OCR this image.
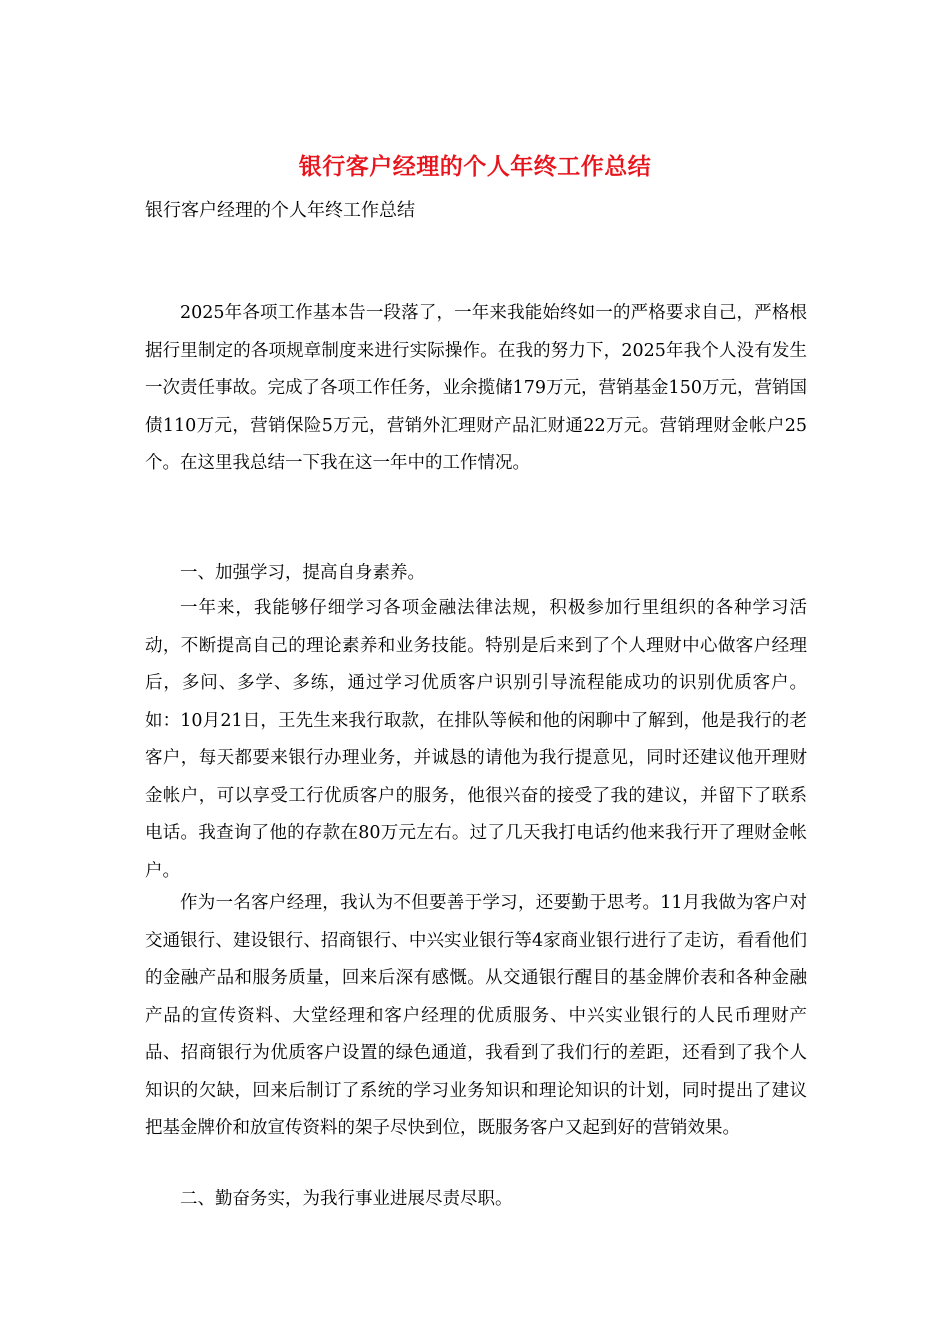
银行客户经理的个人年终工作总结
银行客户经理的个人年终工作总结

2025年各项工作基本告一段落了，一年来我能始终如一的严格要求自己，严格根据行里制定的各项规章制度来进行实际操作。在我的努力下，2025年我个人没有发生一次责任事故。完成了各项工作任务，业余揽储179万元，营销基金150万元，营销国债110万元，营销保险5万元，营销外汇理财产品汇财通22万元。营销理财金帐户25个。在这里我总结一下我在这一年中的工作情况。

一、加强学习，提高自身素养。

一年来，我能够仔细学习各项金融法律法规，积极参加行里组织的各种学习活动，不断提高自己的理论素养和业务技能。特别是后来到了个人理财中心做客户经理后，多问、多学、多练，通过学习优质客户识别引导流程能成功的识别优质客户。如：10月21日，王先生来我行取款，在排队等候和他的闲聊中了解到，他是我行的老客户，每天都要来银行办理业务，并诚恳的请他为我行提意见，同时还建议他开理财金帐户，可以享受工行优质客户的服务，他很兴奋的接受了我的建议，并留下了联系电话。我查询了他的存款在80万元左右。过了几天我打电话约他来我行开了理财金帐户。

作为一名客户经理，我认为不但要善于学习，还要勤于思考。11月我做为客户对交通银行、建设银行、招商银行、中兴实业银行等4家商业银行进行了走访，看看他们的金融产品和服务质量，回来后深有感慨。从交通银行醒目的基金牌价表和各种金融产品的宣传资料、大堂经理和客户经理的优质服务、中兴实业银行的人民币理财产品、招商银行为优质客户设置的绿色通道，我看到了我们行的差距，还看到了我个人知识的欠缺，回来后制订了系统的学习业务知识和理论知识的计划，同时提出了建议把基金牌价和放宣传资料的架子尽快到位，既服务客户又起到好的营销效果。

二、勤奋务实，为我行事业进展尽责尽职。
